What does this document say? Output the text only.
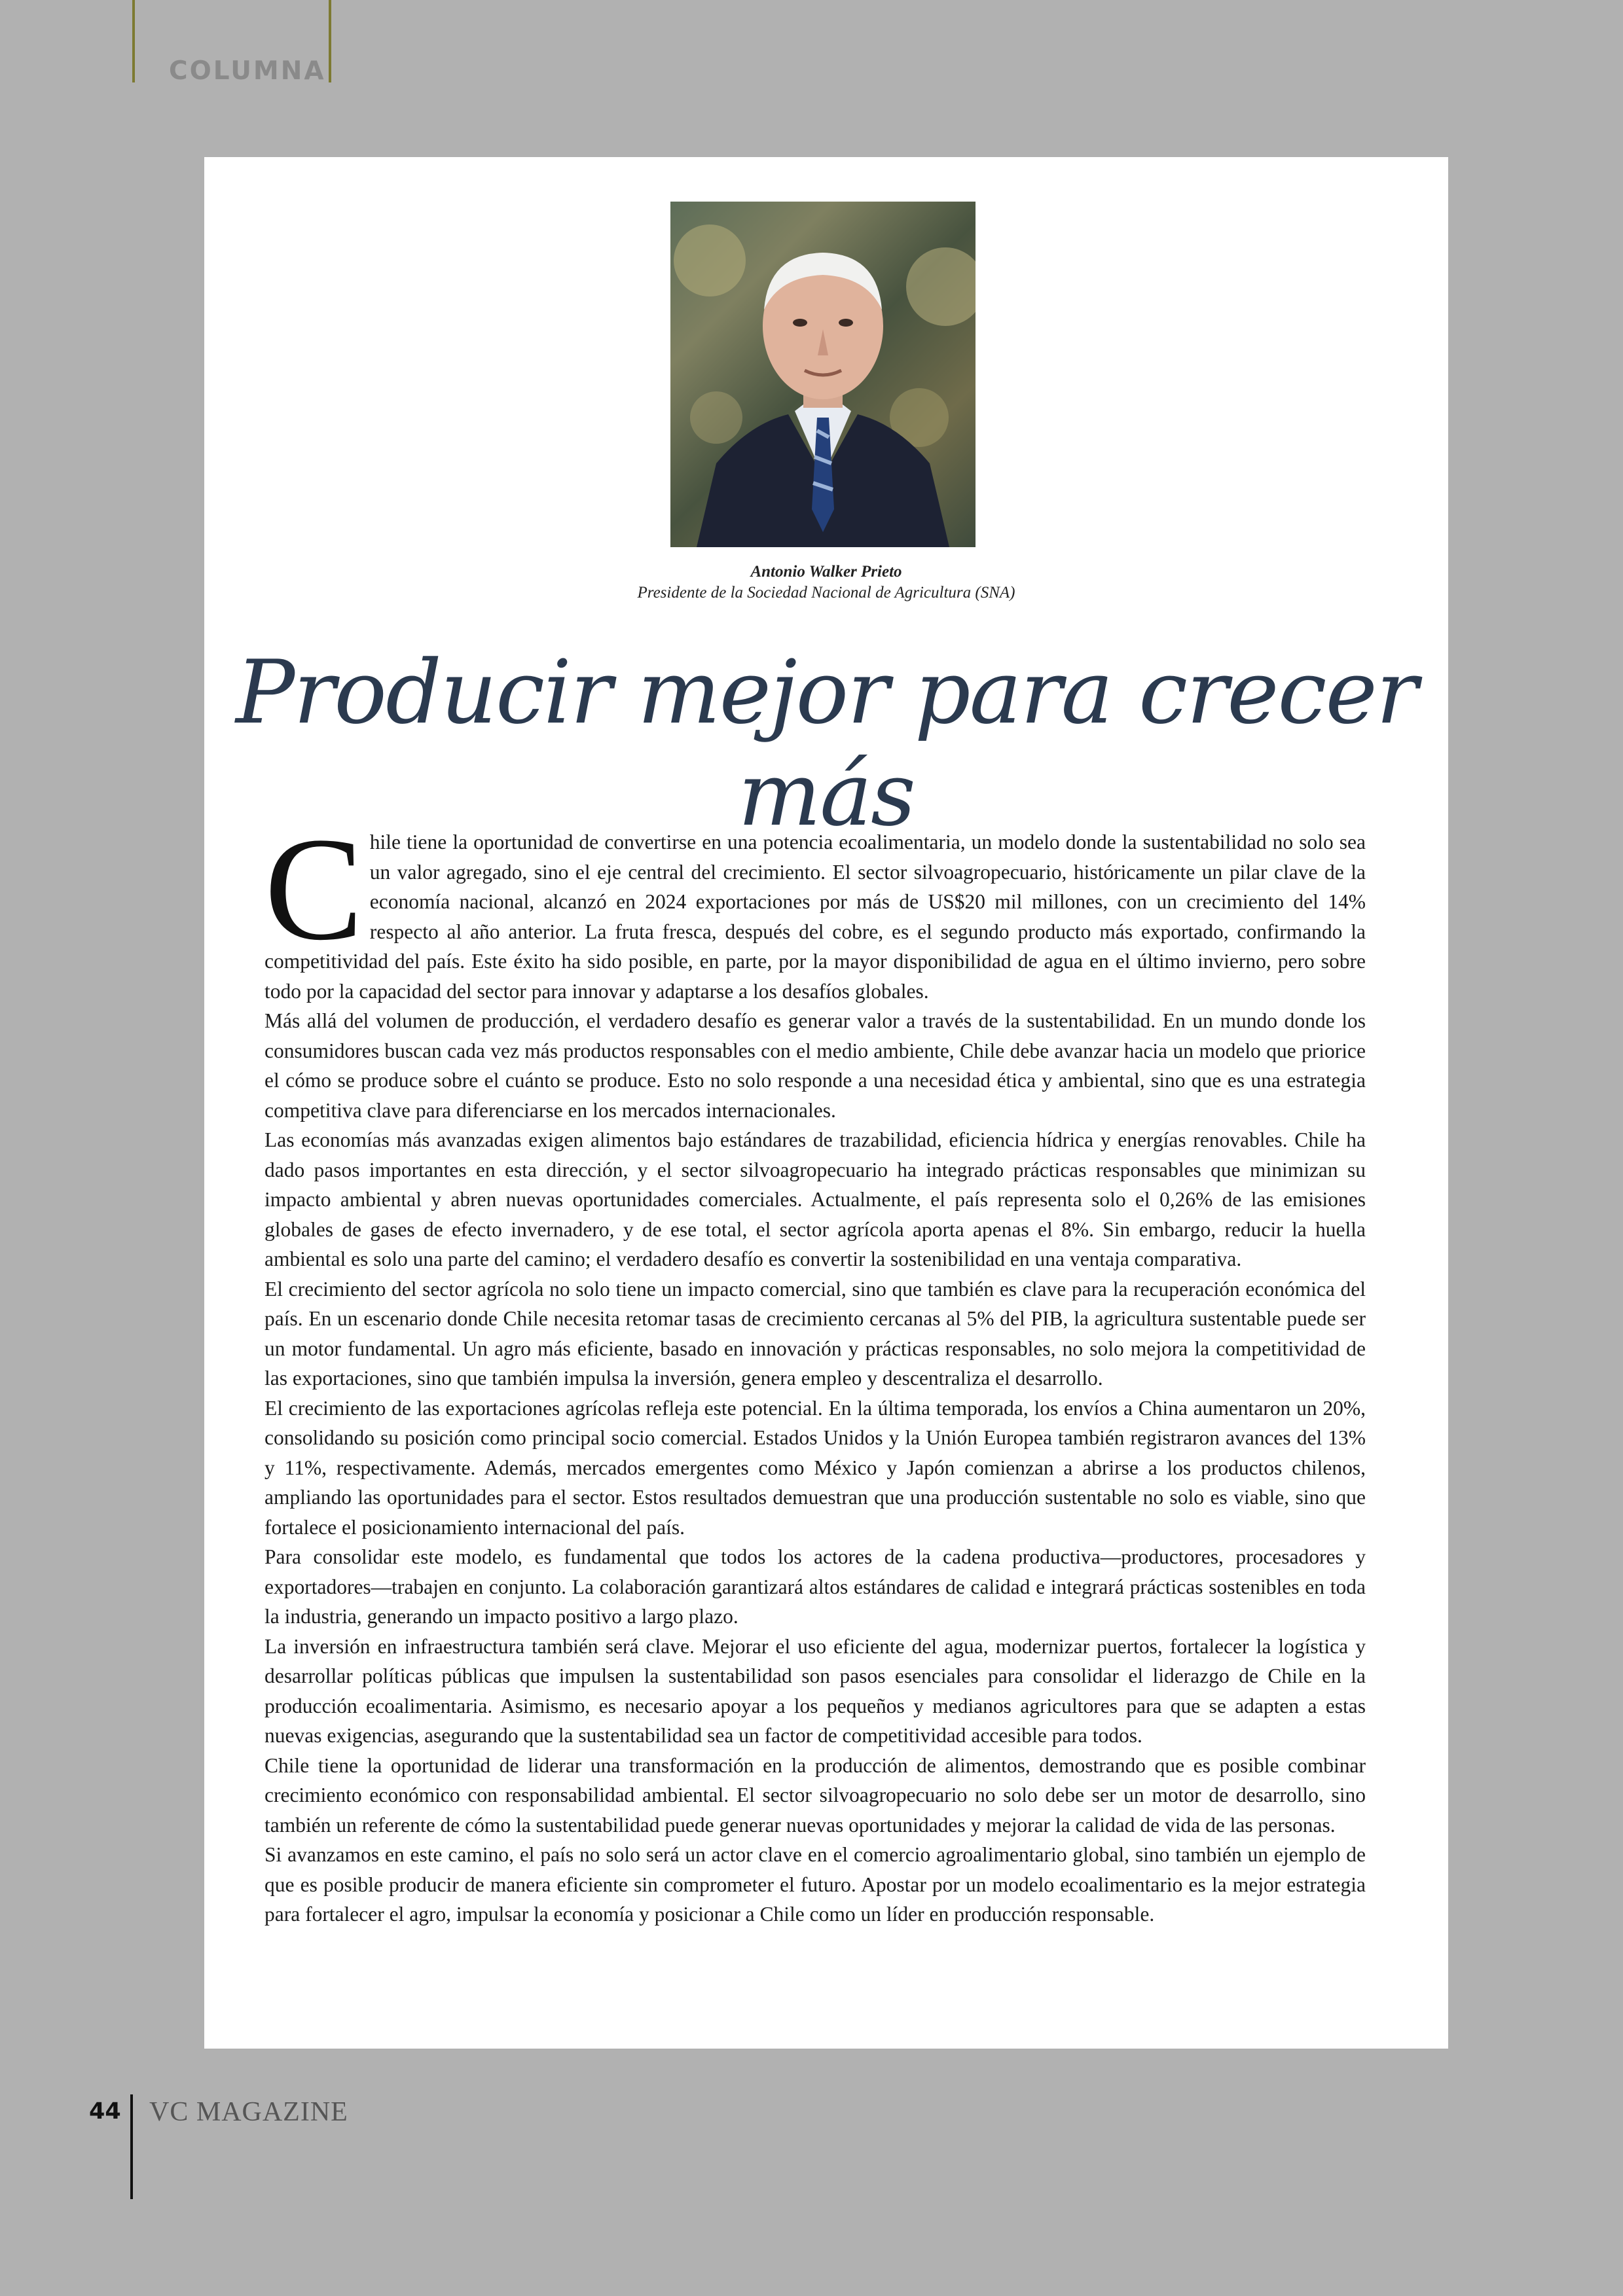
COLUMNA
Antonio Walker Prieto
Presidente de la Sociedad Nacional de Agricultura (SNA)
Producir mejor para crecer más

Chile tiene la oportunidad de convertirse en una potencia ecoalimentaria, un modelo donde la sustentabilidad no solo sea un valor agregado, sino el eje central del crecimiento. El sector silvoagropecuario, históricamente un pilar clave de la economía nacional, alcanzó en 2024 exportaciones por más de US$20 mil millones, con un crecimiento del 14% respecto al año anterior. La fruta fresca, después del cobre, es el segundo producto más exportado, confirmando la competitividad del país. Este éxito ha sido posible, en parte, por la mayor disponibilidad de agua en el último invierno, pero sobre todo por la capacidad del sector para innovar y adaptarse a los desafíos globales.

Más allá del volumen de producción, el verdadero desafío es generar valor a través de la sustentabilidad. En un mundo donde los consumidores buscan cada vez más productos responsables con el medio ambiente, Chile debe avanzar hacia un modelo que priorice el cómo se produce sobre el cuánto se produce. Esto no solo responde a una necesidad ética y ambiental, sino que es una estrategia competitiva clave para diferenciarse en los mercados internacionales.

Las economías más avanzadas exigen alimentos bajo estándares de trazabilidad, eficiencia hídrica y energías renovables. Chile ha dado pasos importantes en esta dirección, y el sector silvoagropecuario ha integrado prácticas responsables que minimizan su impacto ambiental y abren nuevas oportunidades comerciales. Actualmente, el país representa solo el 0,26% de las emisiones globales de gases de efecto invernadero, y de ese total, el sector agrícola aporta apenas el 8%. Sin embargo, reducir la huella ambiental es solo una parte del camino; el verdadero desafío es convertir la sostenibilidad en una ventaja comparativa.

El crecimiento del sector agrícola no solo tiene un impacto comercial, sino que también es clave para la recuperación económica del país. En un escenario donde Chile necesita retomar tasas de crecimiento cercanas al 5% del PIB, la agricultura sustentable puede ser un motor fundamental. Un agro más eficiente, basado en innovación y prácticas responsables, no solo mejora la competitividad de las exportaciones, sino que también impulsa la inversión, genera empleo y descentraliza el desarrollo.

El crecimiento de las exportaciones agrícolas refleja este potencial. En la última temporada, los envíos a China aumentaron un 20%, consolidando su posición como principal socio comercial. Estados Unidos y la Unión Europea también registraron avances del 13% y 11%, respectivamente. Además, mercados emergentes como México y Japón comienzan a abrirse a los productos chilenos, ampliando las oportunidades para el sector. Estos resultados demuestran que una producción sustentable no solo es viable, sino que fortalece el posicionamiento internacional del país.

Para consolidar este modelo, es fundamental que todos los actores de la cadena productiva—productores, procesadores y exportadores—trabajen en conjunto. La colaboración garantizará altos estándares de calidad e integrará prácticas sostenibles en toda la industria, generando un impacto positivo a largo plazo.

La inversión en infraestructura también será clave. Mejorar el uso eficiente del agua, modernizar puertos, fortalecer la logística y desarrollar políticas públicas que impulsen la sustentabilidad son pasos esenciales para consolidar el liderazgo de Chile en la producción ecoalimentaria. Asimismo, es necesario apoyar a los pequeños y medianos agricultores para que se adapten a estas nuevas exigencias, asegurando que la sustentabilidad sea un factor de competitividad accesible para todos.

Chile tiene la oportunidad de liderar una transformación en la producción de alimentos, demostrando que es posible combinar crecimiento económico con responsabilidad ambiental. El sector silvoagropecuario no solo debe ser un motor de desarrollo, sino también un referente de cómo la sustentabilidad puede generar nuevas oportunidades y mejorar la calidad de vida de las personas.

Si avanzamos en este camino, el país no solo será un actor clave en el comercio agroalimentario global, sino también un ejemplo de que es posible producir de manera eficiente sin comprometer el futuro. Apostar por un modelo ecoalimentario es la mejor estrategia para fortalecer el agro, impulsar la economía y posicionar a Chile como un líder en producción responsable.

44 VC MAGAZINE
